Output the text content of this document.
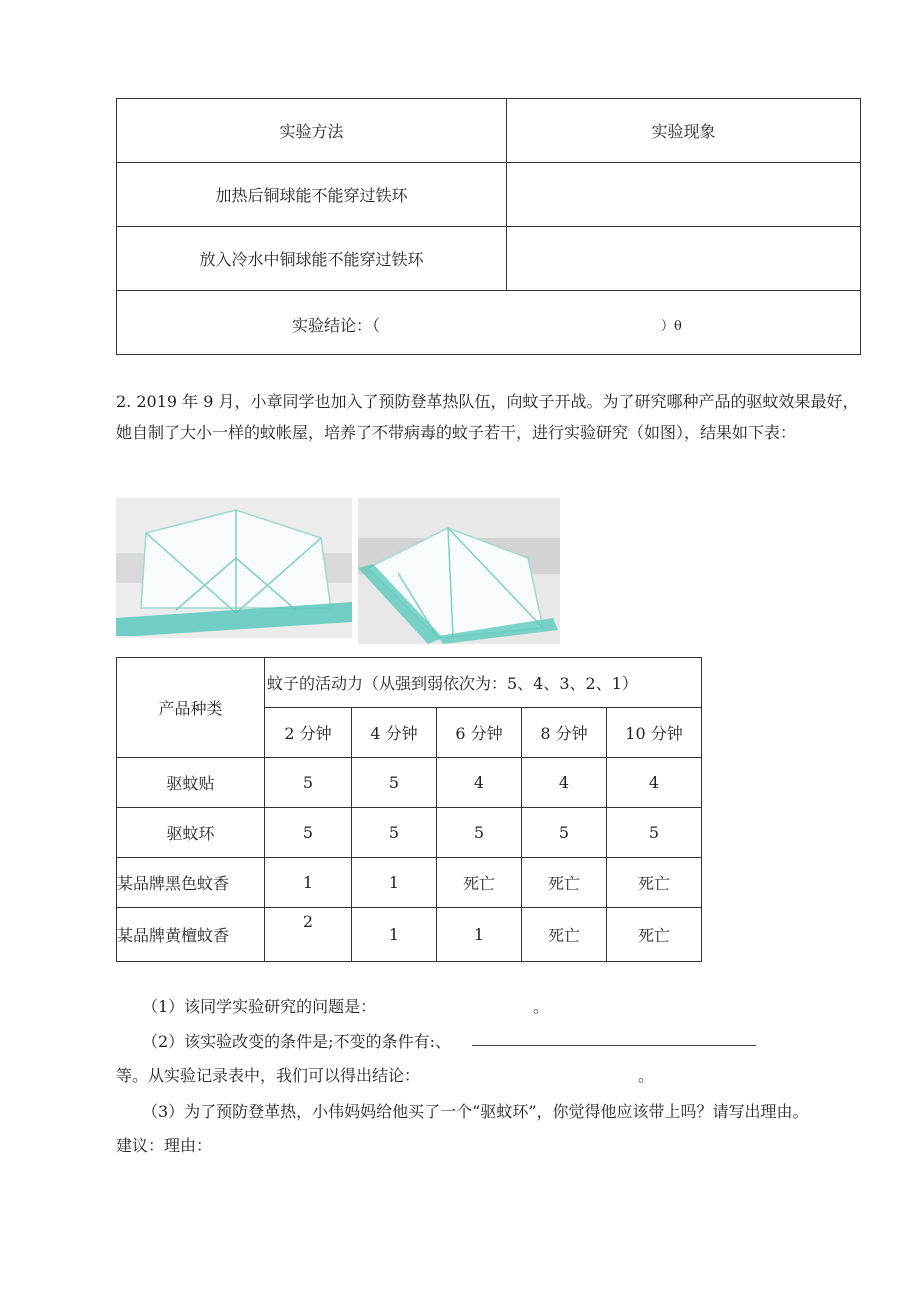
实验方法	实验现象
加热后铜球能不能穿过铁环	
放入冷水中铜球能不能穿过铁环	

实验结论：（ ）θ	
2. 2019 年 9 月，小章同学也加入了预防登革热队伍，向蚊子开战。为了研究哪种产品的驱蚊效果最好，她自制了大小一样的蚊帐屋，培养了不带病毒的蚊子若干，进行实验研究（如图），结果如下表：
产品种类	蚊子的活动力（从强到弱依次为：5、4、3、2、1）				
	2 分钟	4 分钟	6 分钟	8 分钟	10 分钟
驱蚊贴	5	5	4	4	4
驱蚊环	5	5	5	5	5
某品牌黑色蚊香	1	1	死亡	死亡	死亡
某品牌黄檀蚊香	2	1	1	死亡	死亡
（1）该同学实验研究的问题是：	。
（2）该实验改变的条件是;不变的条件有:、
等。从实验记录表中，我们可以得出结论：	。
（3）为了预防登革热，小伟妈妈给他买了一个“驱蚊环”，你觉得他应该带上吗？请写出理由。
建议：理由：
